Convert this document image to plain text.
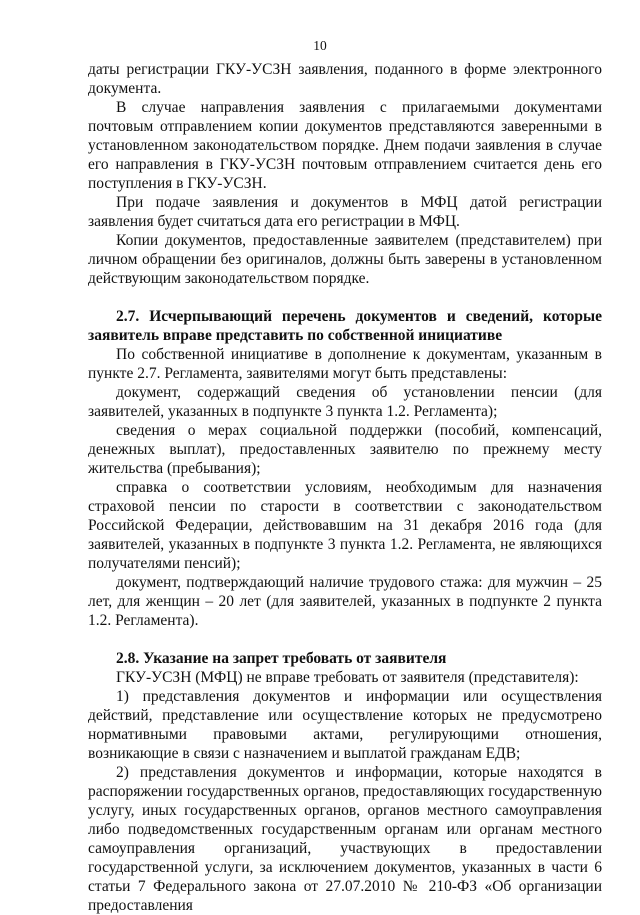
10

даты регистрации ГКУ-УСЗН заявления, поданного в форме электронного документа.

В случае направления заявления с прилагаемыми документами почтовым отправлением копии документов представляются заверенными в установленном законодательством порядке. Днем подачи заявления в случае его направления в ГКУ-УСЗН почтовым отправлением считается день его поступления в ГКУ-УСЗН.

При подаче заявления и документов в МФЦ датой регистрации заявления будет считаться дата его регистрации в МФЦ.

Копии документов, предоставленные заявителем (представителем) при личном обращении без оригиналов, должны быть заверены в установленном действующим законодательством порядке.

2.7. Исчерпывающий перечень документов и сведений, которые заявитель вправе представить по собственной инициативе

По собственной инициативе в дополнение к документам, указанным в пункте 2.7. Регламента, заявителями могут быть представлены:

документ, содержащий сведения об установлении пенсии (для заявителей, указанных в подпункте 3 пункта 1.2. Регламента);

сведения о мерах социальной поддержки (пособий, компенсаций, денежных выплат), предоставленных заявителю по прежнему месту жительства (пребывания);

справка о соответствии условиям, необходимым для назначения страховой пенсии по старости в соответствии с законодательством Российской Федерации, действовавшим на 31 декабря 2016 года (для заявителей, указанных в подпункте 3 пункта 1.2. Регламента, не являющихся получателями пенсий);

документ, подтверждающий наличие трудового стажа: для мужчин – 25 лет, для женщин – 20 лет (для заявителей, указанных в подпункте 2 пункта 1.2. Регламента).

2.8. Указание на запрет требовать от заявителя

ГКУ-УСЗН (МФЦ) не вправе требовать от заявителя (представителя):

1) представления документов и информации или осуществления действий, представление или осуществление которых не предусмотрено нормативными правовыми актами, регулирующими отношения, возникающие в связи с назначением и выплатой гражданам ЕДВ;

2) представления документов и информации, которые находятся в распоряжении государственных органов, предоставляющих государственную услугу, иных государственных органов, органов местного самоуправления либо подведомственных государственным органам или органам местного самоуправления организаций, участвующих в предоставлении государственной услуги, за исключением документов, указанных в части 6 статьи 7 Федерального закона от 27.07.2010 № 210-ФЗ «Об организации предоставления
